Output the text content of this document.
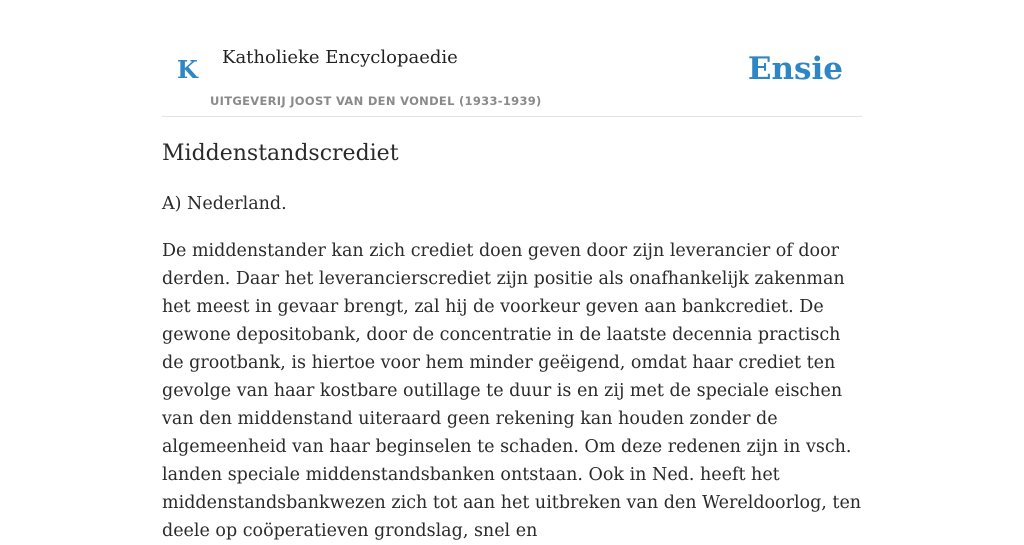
K Katholieke Encyclopaedie
UITGEVERIJ JOOST VAN DEN VONDEL (1933-1939)
Ensie
Middenstandscrediet

A) Nederland.

De middenstander kan zich crediet doen geven door zijn leverancier of door derden. Daar het leverancierscrediet zijn positie als onafhankelijk zakenman het meest in gevaar brengt, zal hij de voorkeur geven aan bankcrediet. De gewone depositobank, door de concentratie in de laatste decennia practisch de grootbank, is hiertoe voor hem minder geëigend, omdat haar crediet ten gevolge van haar kostbare outillage te duur is en zij met de speciale eischen van den middenstand uiteraard geen rekening kan houden zonder de algemeenheid van haar beginselen te schaden. Om deze redenen zijn in vsch. landen speciale middenstandsbanken ontstaan. Ook in Ned. heeft het middenstandsbankwezen zich tot aan het uitbreken van den Wereldoorlog, ten deele op coöperatieven grondslag, snel en
